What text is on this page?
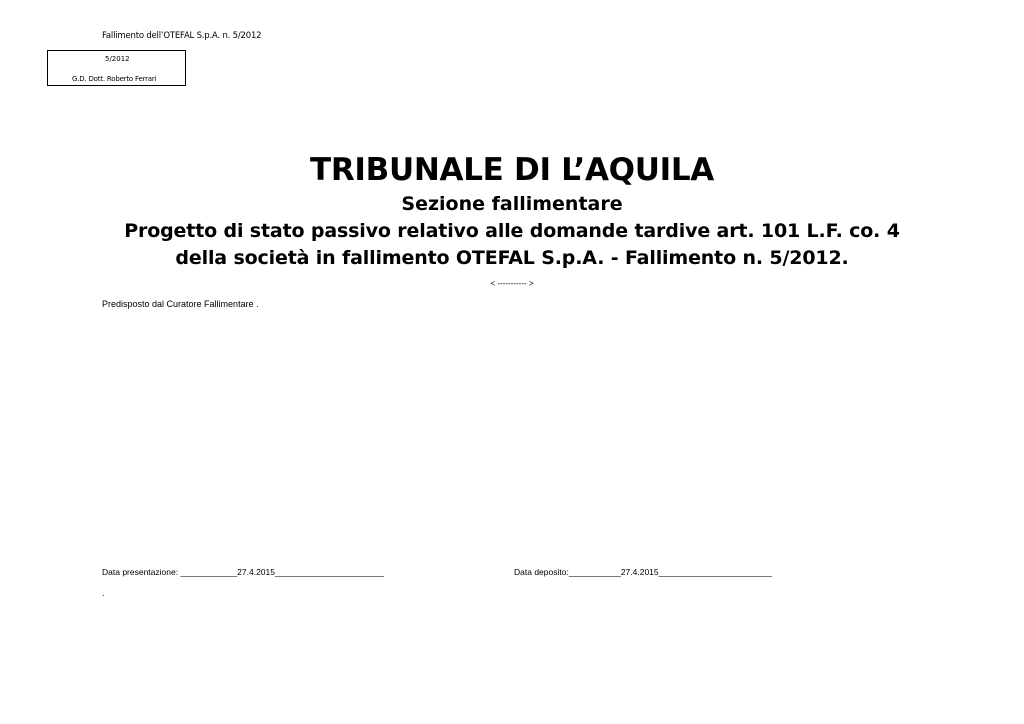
Fallimento dell’OTEFAL S.p.A. n. 5/2012
5/2012
G.D. Dott. Roberto Ferrari
TRIBUNALE DI L’AQUILA
Sezione fallimentare
Progetto di stato passivo relativo alle domande tardive art. 101 L.F. co. 4
della società in fallimento OTEFAL S.p.A. - Fallimento n. 5/2012.
< ----------- >
Predisposto dal Curatore Fallimentare .
Data presentazione: ____________27.4.2015_______________________	Data deposito:___________27.4.2015________________________
.
